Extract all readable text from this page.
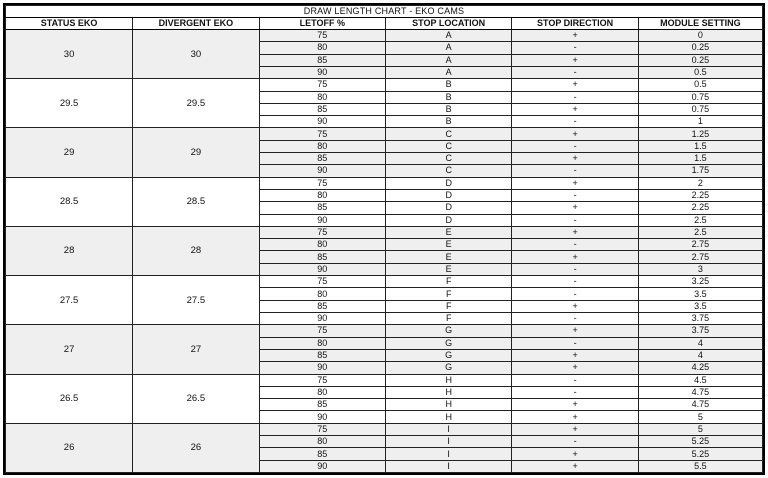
DRAW LENGTH CHART - EKO CAMS					
STATUS EKO	DIVERGENT EKO	LETOFF %	STOP LOCATION	STOP DIRECTION	MODULE SETTING
30	30	75	A	+	0
		80	A	-	0.25
		85	A	+	0.25
		90	A	-	0.5
29.5	29.5	75	B	+	0.5
		80	B	-	0.75
		85	B	+	0.75
		90	B	-	1
29	29	75	C	+	1.25
		80	C	-	1.5
		85	C	+	1.5
		90	C	-	1.75
28.5	28.5	75	D	+	2
		80	D	-	2.25
		85	D	+	2.25
		90	D	-	2.5
28	28	75	E	+	2.5
		80	E	-	2.75
		85	E	+	2.75
		90	E	-	3
27.5	27.5	75	F	-	3.25
		80	F	-	3.5
		85	F	+	3.5
		90	F	-	3.75
27	27	75	G	+	3.75
		80	G	-	4
		85	G	+	4
		90	G	+	4.25
26.5	26.5	75	H	-	4.5
		80	H	-	4.75
		85	H	+	4.75
		90	H	+	5
26	26	75	I	+	5
		80	I	-	5.25
		85	I	+	5.25
		90	I	+	5.5
